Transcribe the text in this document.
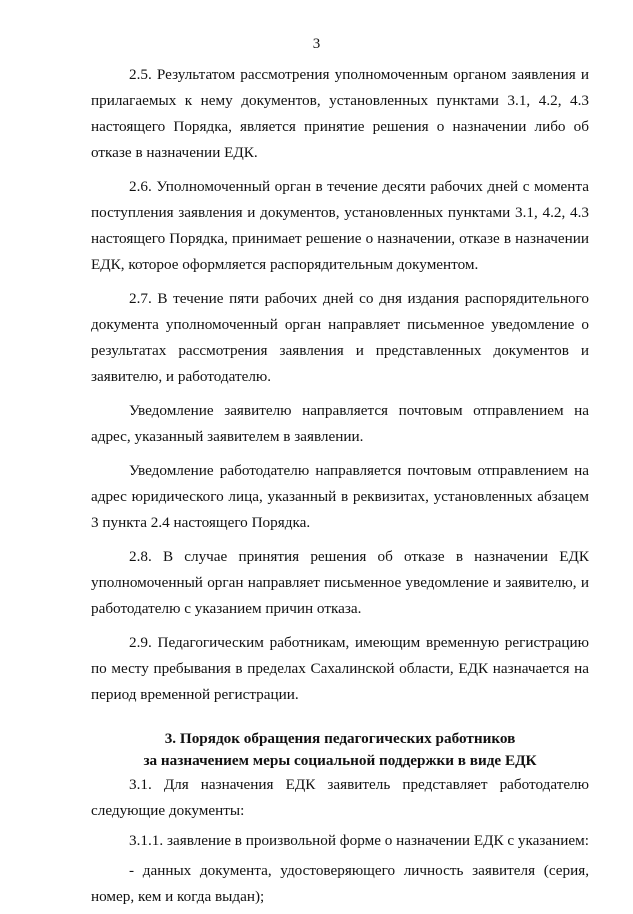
3

2.5. Результатом рассмотрения уполномоченным органом заявления и прилагаемых к нему документов, установленных пунктами 3.1, 4.2, 4.3 настоящего Порядка, является принятие решения о назначении либо об отказе в назначении ЕДК.

2.6. Уполномоченный орган в течение десяти рабочих дней с момента поступления заявления и документов, установленных пунктами 3.1, 4.2, 4.3 настоящего Порядка, принимает решение о назначении, отказе в назначении ЕДК, которое оформляется распорядительным документом.

2.7. В течение пяти рабочих дней со дня издания распорядительного документа уполномоченный орган направляет письменное уведомление о результатах рассмотрения заявления и представленных документов и заявителю, и работодателю.

Уведомление заявителю направляется почтовым отправлением на адрес, указанный заявителем в заявлении.

Уведомление работодателю направляется почтовым отправлением на адрес юридического лица, указанный в реквизитах, установленных абзацем 3 пункта 2.4 настоящего Порядка.

2.8. В случае принятия решения об отказе в назначении ЕДК уполномоченный орган направляет письменное уведомление и заявителю, и работодателю с указанием причин отказа.

2.9. Педагогическим работникам, имеющим временную регистрацию по месту пребывания в пределах Сахалинской области, ЕДК назначается на период временной регистрации.

3. Порядок обращения педагогических работников
за назначением меры социальной поддержки в виде ЕДК

3.1. Для назначения ЕДК заявитель представляет работодателю следующие документы:

3.1.1. заявление в произвольной форме о назначении ЕДК с указанием:

- данных документа, удостоверяющего личность заявителя (серия, номер, кем и когда выдан);
